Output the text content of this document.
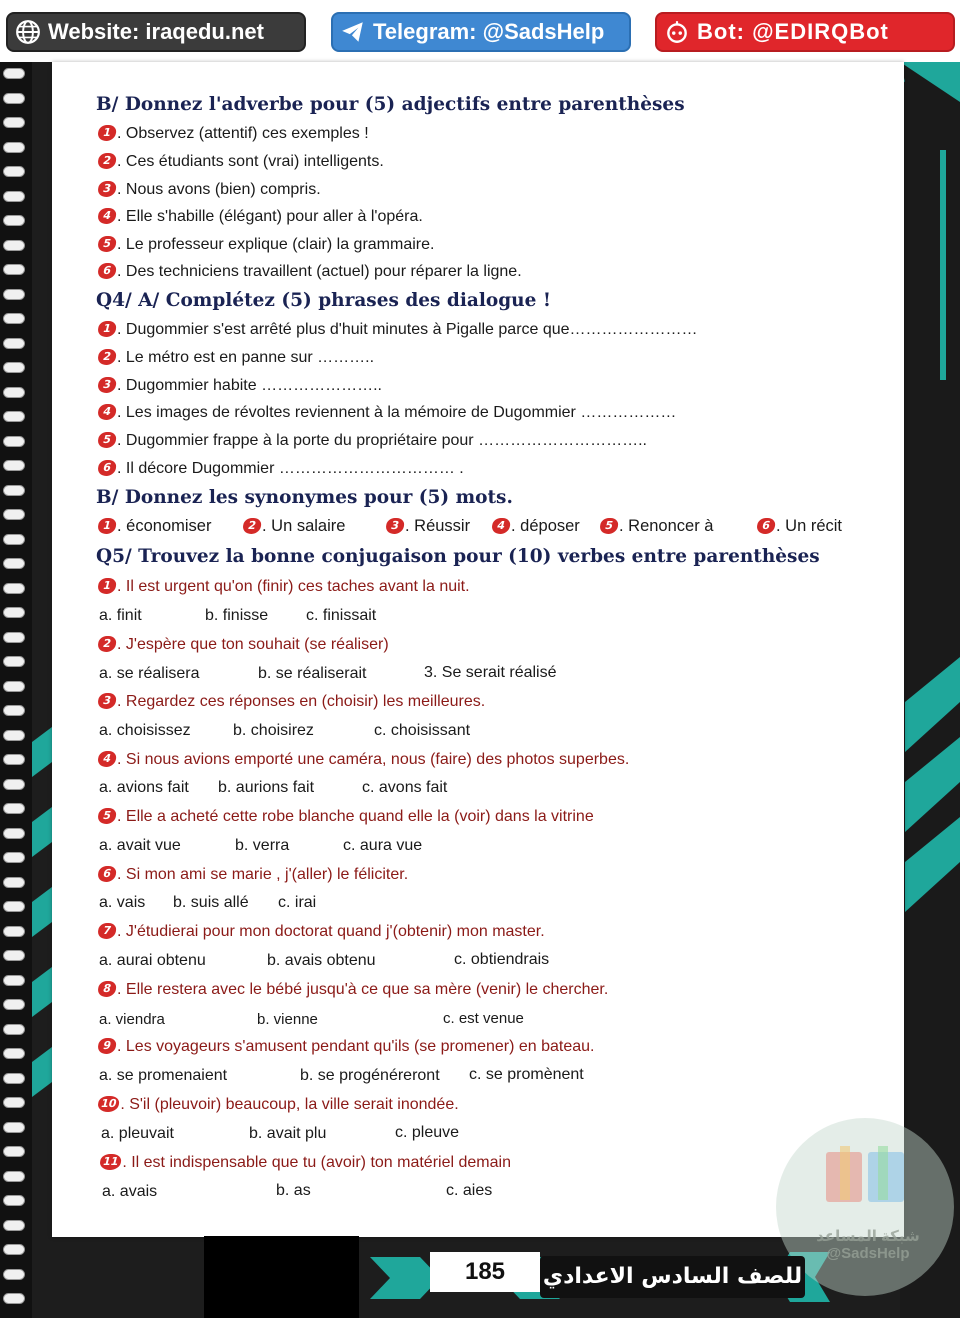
Website: iraqedu.net	Telegram: @SadsHelp	Bot: @EDIRQBot
شبكة المساعد @SadsHelp
B/ Donnez l'adverbe pour (5) adjectifs entre parenthèses
1 . Observez (attentif) ces exemples !
2 . Ces étudiants sont (vrai) intelligents.
3 . Nous avons (bien) compris.
4 . Elle s'habille (élégant) pour aller à l'opéra.
5 . Le professeur explique (clair) la grammaire.
6 . Des techniciens travaillent (actuel) pour réparer la ligne.
Q4/ A/ Complétez (5) phrases des dialogue !
1 . Dugommier s'est arrêté plus d'huit minutes à Pigalle parce que……………………
2 . Le métro est en panne sur ………..
3 . Dugommier habite …………………..
4 . Les images de révoltes reviennent à la mémoire de Dugommier ………………
5 . Dugommier frappe à la porte du propriétaire pour …………………………..
6 . Il décore Dugommier …………………………… .
B/ Donnez les synonymes pour (5) mots.
1 . économiser	2 . Un salaire	3 . Réussir	4 . déposer	5 . Renoncer à	6 . Un récit
Q5/ Trouvez la bonne conjugaison pour (10) verbes entre parenthèses
1 . Il est urgent qu'on (finir) ces taches avant la nuit.
a. finit	b. finisse c. finissait
2 . J'espère que ton souhait (se réaliser)
a. se réalisera	b. se réaliserait	3. Se serait réalisé
3 . Regardez ces réponses en (choisir) les meilleures.
a. choisissez	b. choisirez	c. choisissant
4 . Si nous avions emporté une caméra, nous (faire) des photos superbes.
a. avions fait b. aurions fait	c. avons fait
5 . Elle a acheté cette robe blanche quand elle la (voir) dans la vitrine
a. avait vue	b. verra	c. aura vue
6 . Si mon ami se marie , j'(aller) le féliciter.
a. vais b. suis allé c. irai
7 . J'étudierai pour mon doctorat quand j'(obtenir) mon master.
a. aurai obtenu	b. avais obtenu	c. obtiendrais
8 . Elle restera avec le bébé jusqu'à ce que sa mère (venir) le chercher.
a. viendra	b. vienne	c. est venue
9 . Les voyageurs s'amusent pendant qu'ils (se promener) en bateau.
a. se promenaient	b. se progénéreront c. se promènent
10 . S'il (pleuvoir) beaucoup, la ville serait inondée.
a. pleuvait	b. avait plu	c. pleuve
11 . Il est indispensable que tu (avoir) ton matériel demain
a. avais	b. as	c. aies
185	للصف السادس الاعدادي
